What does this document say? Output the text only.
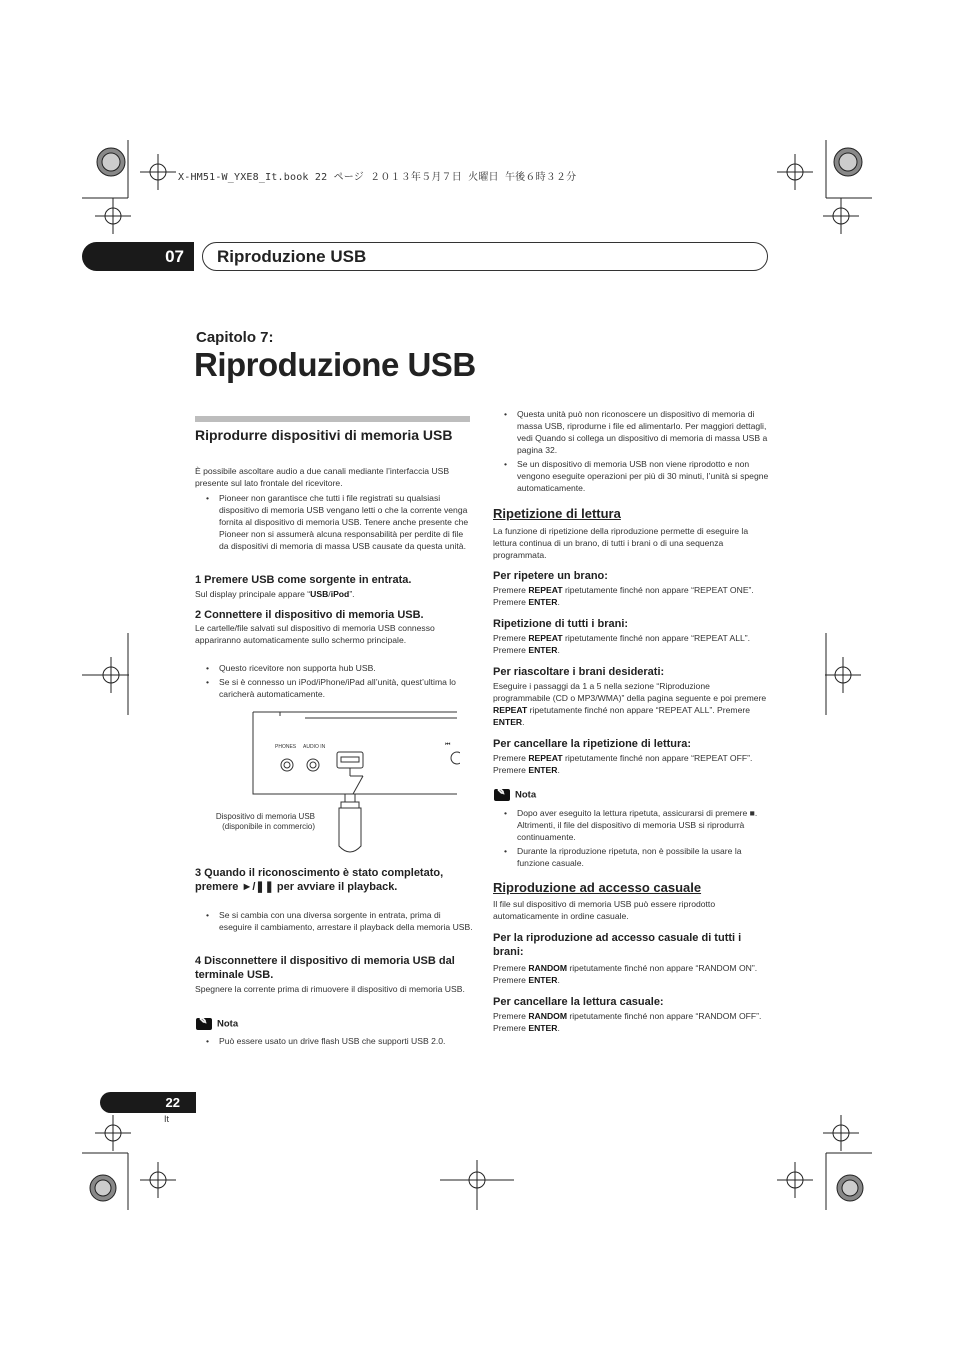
X-HM51-W_YXE8_It.book 22 ページ ２０１３年５月７日 火曜日 午後６時３２分
07	Riproduzione USB
Capitolo 7:
Riproduzione USB
Riprodurre dispositivi di memoria USB
È possibile ascoltare audio a due canali mediante l’interfaccia USB presente sul lato frontale del ricevitore.
• Pioneer non garantisce che tutti i file registrati su qualsiasi dispositivo di memoria USB vengano letti o che la corrente venga fornita al dispositivo di memoria USB. Tenere anche presente che Pioneer non si assumerà alcuna responsabilità per perdite di file da dispositivi di memoria di massa USB causate da questa unità.
1 Premere USB come sorgente in entrata.
Sul display principale appare “USB/iPod”.
2 Connettere il dispositivo di memoria USB.
Le cartelle/file salvati sul dispositivo di memoria USB connesso appariranno automaticamente sullo schermo principale.
• Questo ricevitore non supporta hub USB.
• Se si è connesso un iPod/iPhone/iPad all’unità, quest’ultima lo caricherà automaticamente.
PHONES AUDIO IN	⏮
Dispositivo di memoria USB (disponibile in commercio)
3 Quando il riconoscimento è stato completato, premere ►/❚❚ per avviare il playback.
• Se si cambia con una diversa sorgente in entrata, prima di eseguire il cambiamento, arrestare il playback della memoria USB.
4 Disconnettere il dispositivo di memoria USB dal terminale USB.
Spegnere la corrente prima di rimuovere il dispositivo di memoria USB.
✎Nota
• Può essere usato un drive flash USB che supporti USB 2.0.
• Questa unità può non riconoscere un dispositivo di memoria di massa USB, riprodurne i file ed alimentarlo. Per maggiori dettagli, vedi Quando si collega un dispositivo di memoria di massa USB a pagina 32.
• Se un dispositivo di memoria USB non viene riprodotto e non vengono eseguite operazioni per più di 30 minuti, l’unità si spegne automaticamente.
Ripetizione di lettura
La funzione di ripetizione della riproduzione permette di eseguire la lettura continua di un brano, di tutti i brani o di una sequenza programmata.
Per ripetere un brano:
Premere REPEAT ripetutamente finché non appare “REPEAT ONE”. Premere ENTER.
Ripetizione di tutti i brani:
Premere REPEAT ripetutamente finché non appare “REPEAT ALL”. Premere ENTER.
Per riascoltare i brani desiderati:
Eseguire i passaggi da 1 a 5 nella sezione “Riproduzione programmabile (CD o MP3/WMA)” della pagina seguente e poi premere REPEAT ripetutamente finché non appare “REPEAT ALL”. Premere ENTER.
Per cancellare la ripetizione di lettura:
Premere REPEAT ripetutamente finché non appare “REPEAT OFF”. Premere ENTER.
✎Nota
• Dopo aver eseguito la lettura ripetuta, assicurarsi di premere ■. Altrimenti, il file del dispositivo di memoria USB si riprodurrà continuamente.
• Durante la riproduzione ripetuta, non è possibile la usare la funzione casuale.
Riproduzione ad accesso casuale
Il file sul dispositivo di memoria USB può essere riprodotto automaticamente in ordine casuale.
Per la riproduzione ad accesso casuale di tutti i brani:
Premere RANDOM ripetutamente finché non appare “RANDOM ON”. Premere ENTER.
Per cancellare la lettura casuale:
Premere RANDOM ripetutamente finché non appare “RANDOM OFF”. Premere ENTER.
22
It
